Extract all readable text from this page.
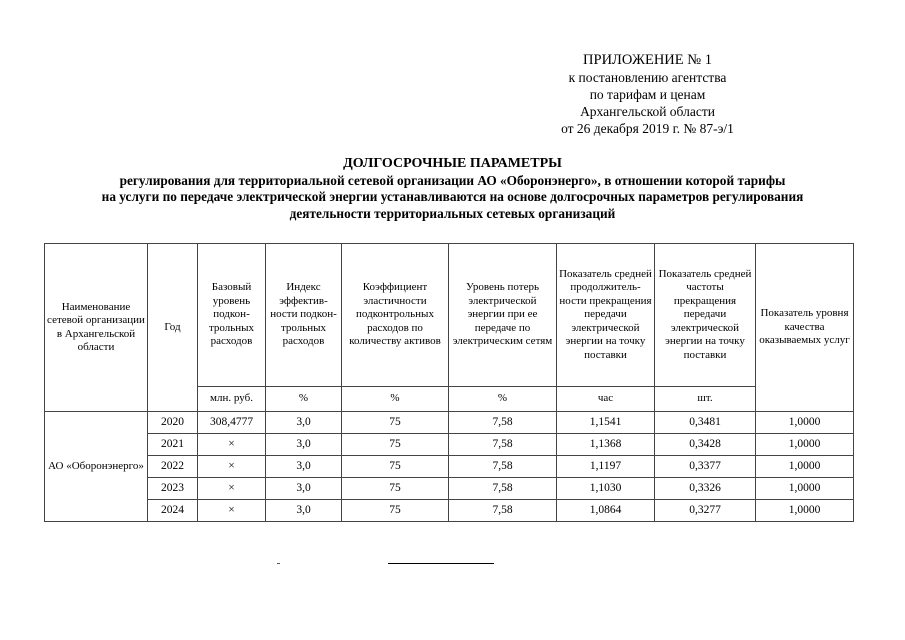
ПРИЛОЖЕНИЕ № 1
к постановлению агентства
по тарифам и ценам
Архангельской области
от 26 декабря 2019 г. № 87-э/1
ДОЛГОСРОЧНЫЕ ПАРАМЕТРЫ
регулирования для территориальной сетевой организации АО «Оборонэнерго», в отношении которой тарифы
на услуги по передаче электрической энергии устанавливаются на основе долгосрочных параметров регулирования
деятельности территориальных сетевых организаций
Наименование сетевой организации в Архангельской области	Год	Базовый уровень подкон-трольных расходов	Индекс эффектив-ности подкон-трольных расходов	Коэффициент эластичности подконтрольных расходов по количеству активов	Уровень потерь электрической энергии при ее передаче по электрическим сетям	Показатель средней продолжитель-ности прекращения передачи электрической энергии на точку поставки	Показатель средней частоты прекращения передачи электрической энергии на точку поставки	Показатель уровня качества оказываемых услуг
		млн. руб.	%	%	%	час	шт.	
АО «Оборонэнерго»	2020	308,4777	3,0	75	7,58	1,1541	0,3481	1,0000
	2021	×	3,0	75	7,58	1,1368	0,3428	1,0000
	2022	×	3,0	75	7,58	1,1197	0,3377	1,0000
	2023	×	3,0	75	7,58	1,1030	0,3326	1,0000
	2024	×	3,0	75	7,58	1,0864	0,3277	1,0000
